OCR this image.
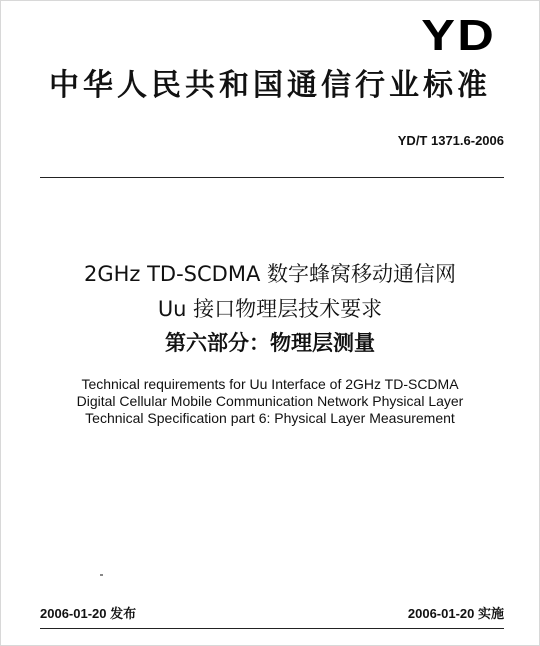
YD
中华人民共和国通信行业标准
YD/T 1371.6-2006
2GHz TD-SCDMA 数字蜂窝移动通信网
Uu 接口物理层技术要求
第六部分：物理层测量
Technical requirements for Uu Interface of 2GHz TD-SCDMA
Digital Cellular Mobile Communication Network Physical Layer
Technical Specification part 6: Physical Layer Measurement
2006-01-20 发布	2006-01-20 实施
